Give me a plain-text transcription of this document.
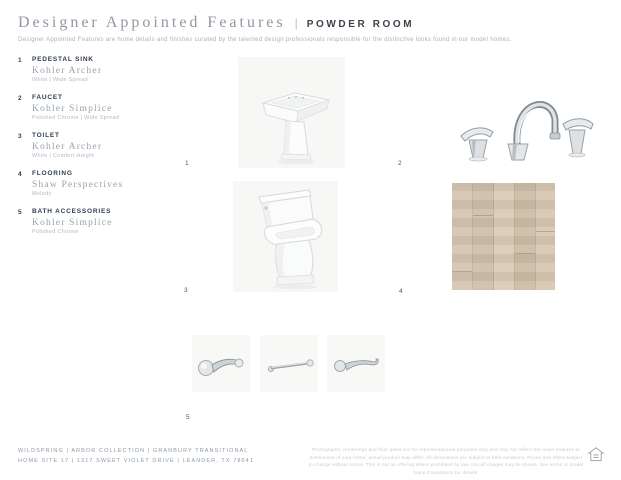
Designer Appointed Features | POWDER ROOM
Designer Appointed Features are home details and finishes curated by the talented design professionals responsible for the distinctive looks found in our model homes.
1 PEDESTAL SINK
Kohler Archer
White | Wide Spread
2 FAUCET
Kohler Simplice
Polished Chrome | Wide Spread
3 TOILET
Kohler Archer
White | Comfort Height
4 FLOORING
Shaw Perspectives
Melody
5 BATH ACCESSORIES
Kohler Simplice
Polished Chrome
1	2
3	4
5
WILDSPRING | ARBOR COLLECTION | GRANBURY TRANSITIONAL
HOME SITE 17 | 1317 SWEET VIOLET DRIVE | LEANDER, TX 78641
Photographs, renderings and floor plans are for representational purposes only and may not reflect the exact features or dimensions of your home; actual product may differ. All dimensions are subject to field variations. Prices and offers subject to change without notice. This is not an offering where prohibited by law. Not all images may be shown. See terms or model home Consultants for details.
